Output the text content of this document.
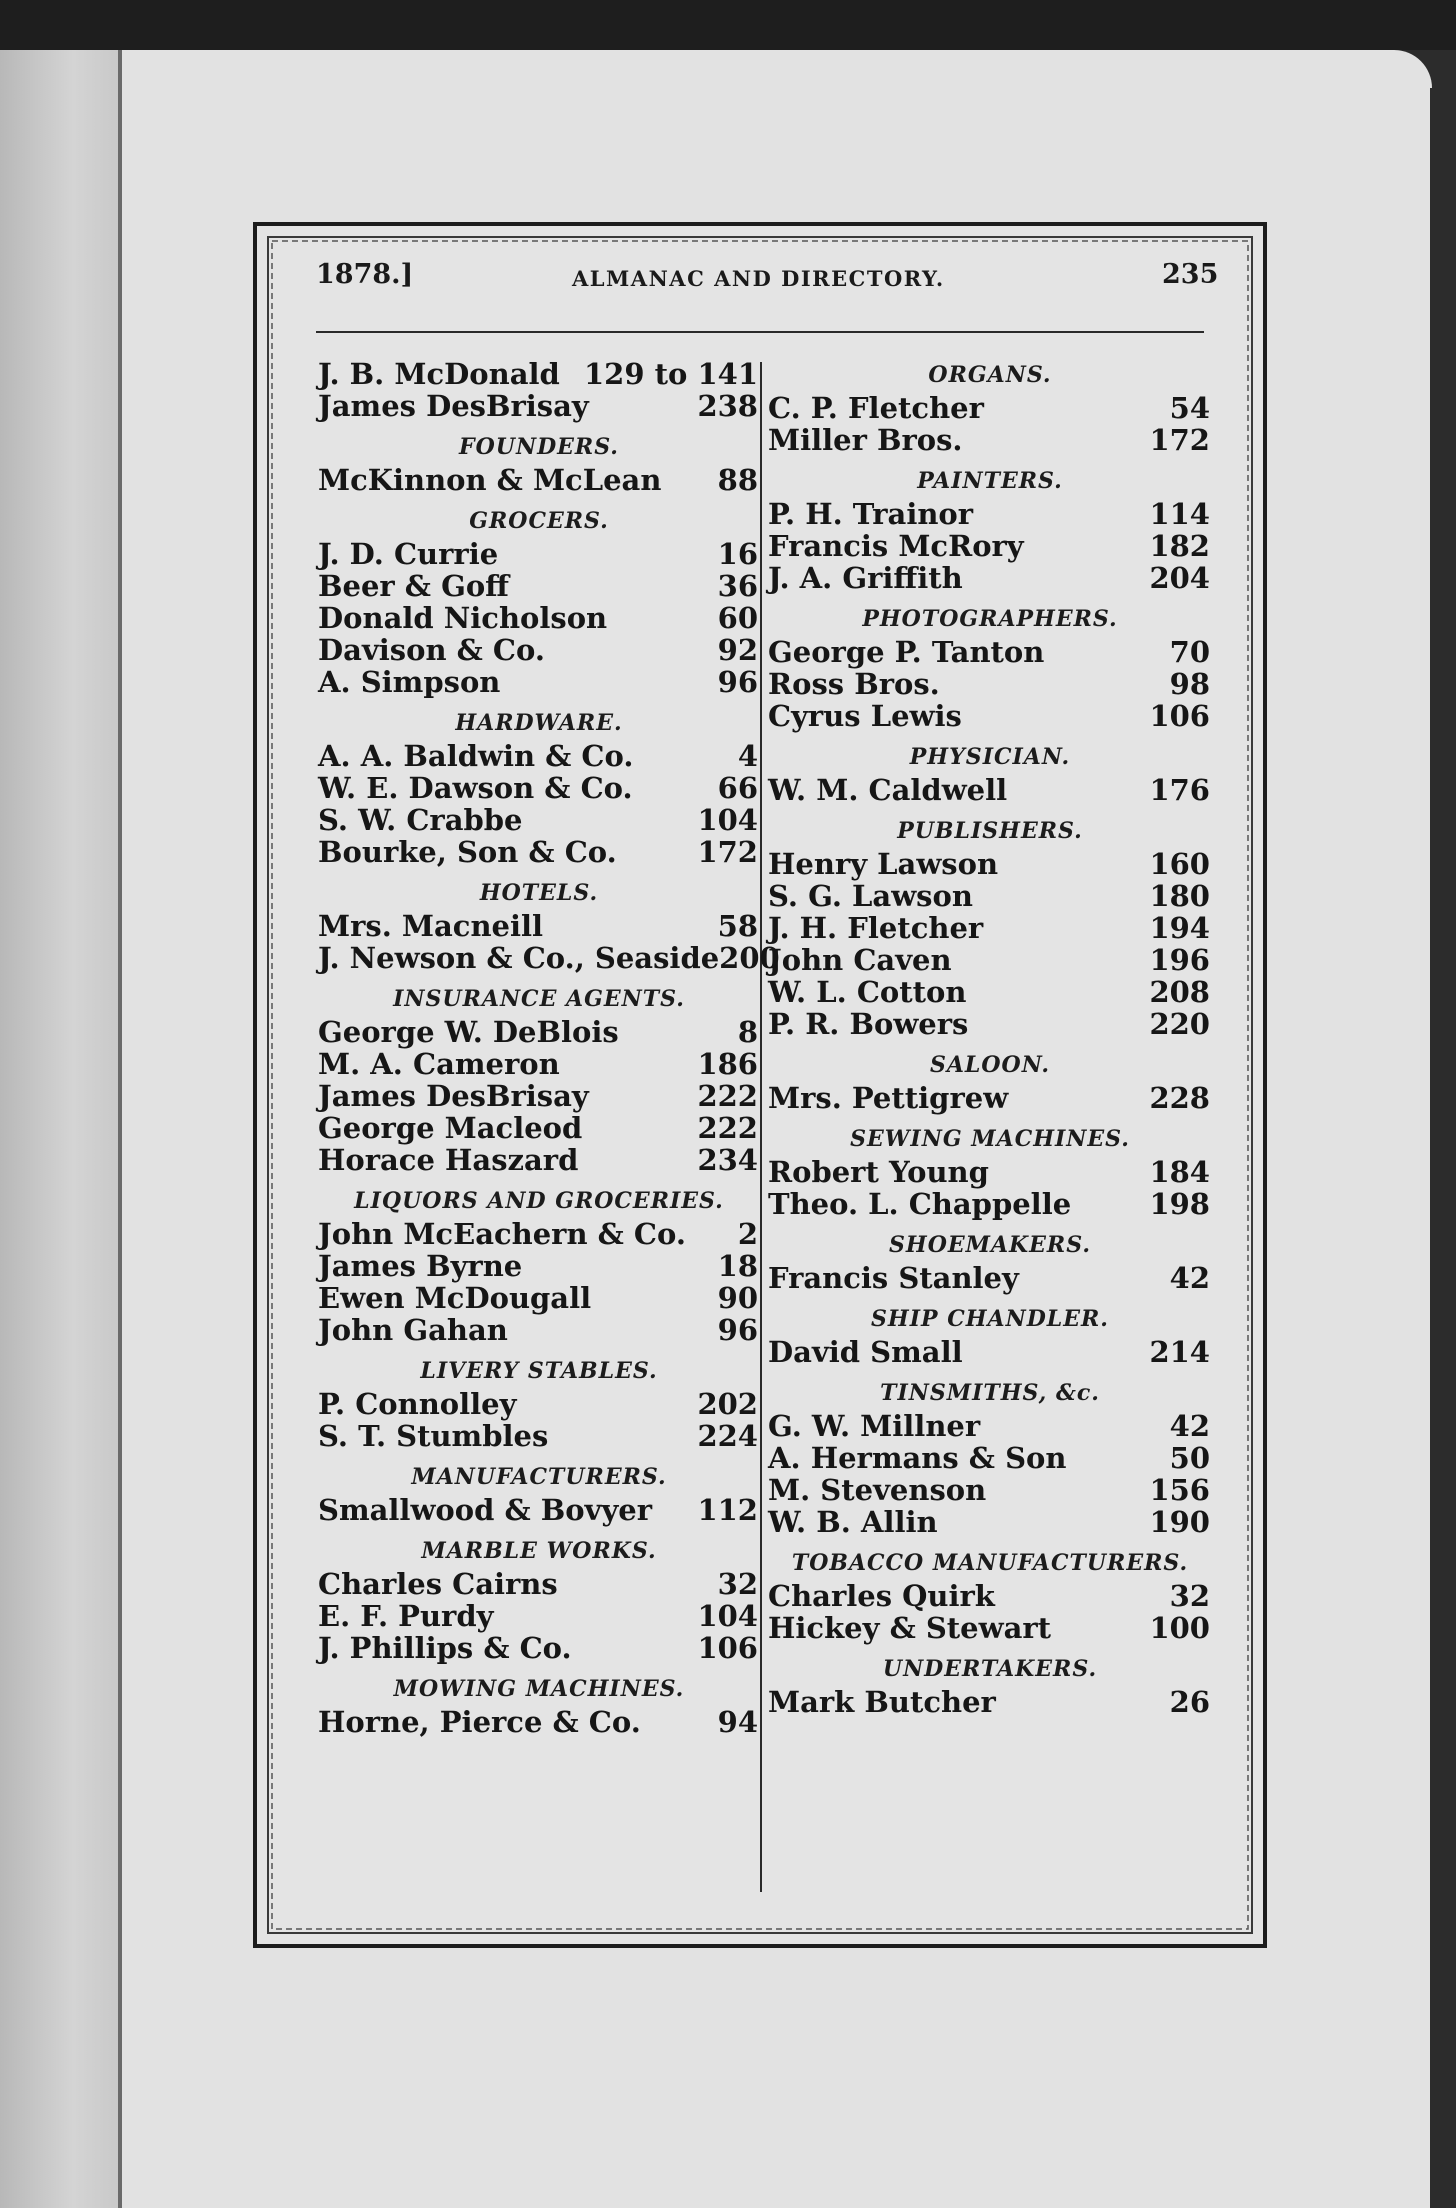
1878.]	ALMANAC AND DIRECTORY.	235
J. B. McDonald 129 to 141
James DesBrisay	238
FOUNDERS.
McKinnon & McLean 88
GROCERS.
J. D. Currie	16
Beer & Goff	36
Donald Nicholson	60
Davison & Co.	92
A. Simpson	96
HARDWARE.
A. A. Baldwin & Co.	4
W. E. Dawson & Co.	66
S. W. Crabbe	104
Bourke, Son & Co.	172
HOTELS.
Mrs. Macneill	58
J. Newson & Co., Seaside 200
INSURANCE AGENTS.
George W. DeBlois	8
M. A. Cameron	186
James DesBrisay	222
George Macleod	222
Horace Haszard	234
LIQUORS AND GROCERIES.
John McEachern & Co. 2
James Byrne	18
Ewen McDougall	90
John Gahan	96
LIVERY STABLES.
P. Connolley	202
S. T. Stumbles	224
MANUFACTURERS.
Smallwood & Bovyer 112
MARBLE WORKS.
Charles Cairns	32
E. F. Purdy	104
J. Phillips & Co.	106
MOWING MACHINES.
Horne, Pierce & Co.	94
ORGANS.
C. P. Fletcher	54
Miller Bros.	172
PAINTERS.
P. H. Trainor	114
Francis McRory	182
J. A. Griffith	204
PHOTOGRAPHERS.
George P. Tanton	70
Ross Bros.	98
Cyrus Lewis	106
PHYSICIAN.
W. M. Caldwell	176
PUBLISHERS.
Henry Lawson	160
S. G. Lawson	180
J. H. Fletcher	194
John Caven	196
W. L. Cotton	208
P. R. Bowers	220
SALOON.
Mrs. Pettigrew	228
SEWING MACHINES.
Robert Young	184
Theo. L. Chappelle	198
SHOEMAKERS.
Francis Stanley	42
SHIP CHANDLER.
David Small	214
TINSMITHS, &c.
G. W. Millner	42
A. Hermans & Son	50
M. Stevenson	156
W. B. Allin	190
TOBACCO MANUFACTURERS.
Charles Quirk	32
Hickey & Stewart	100
UNDERTAKERS.
Mark Butcher	26
